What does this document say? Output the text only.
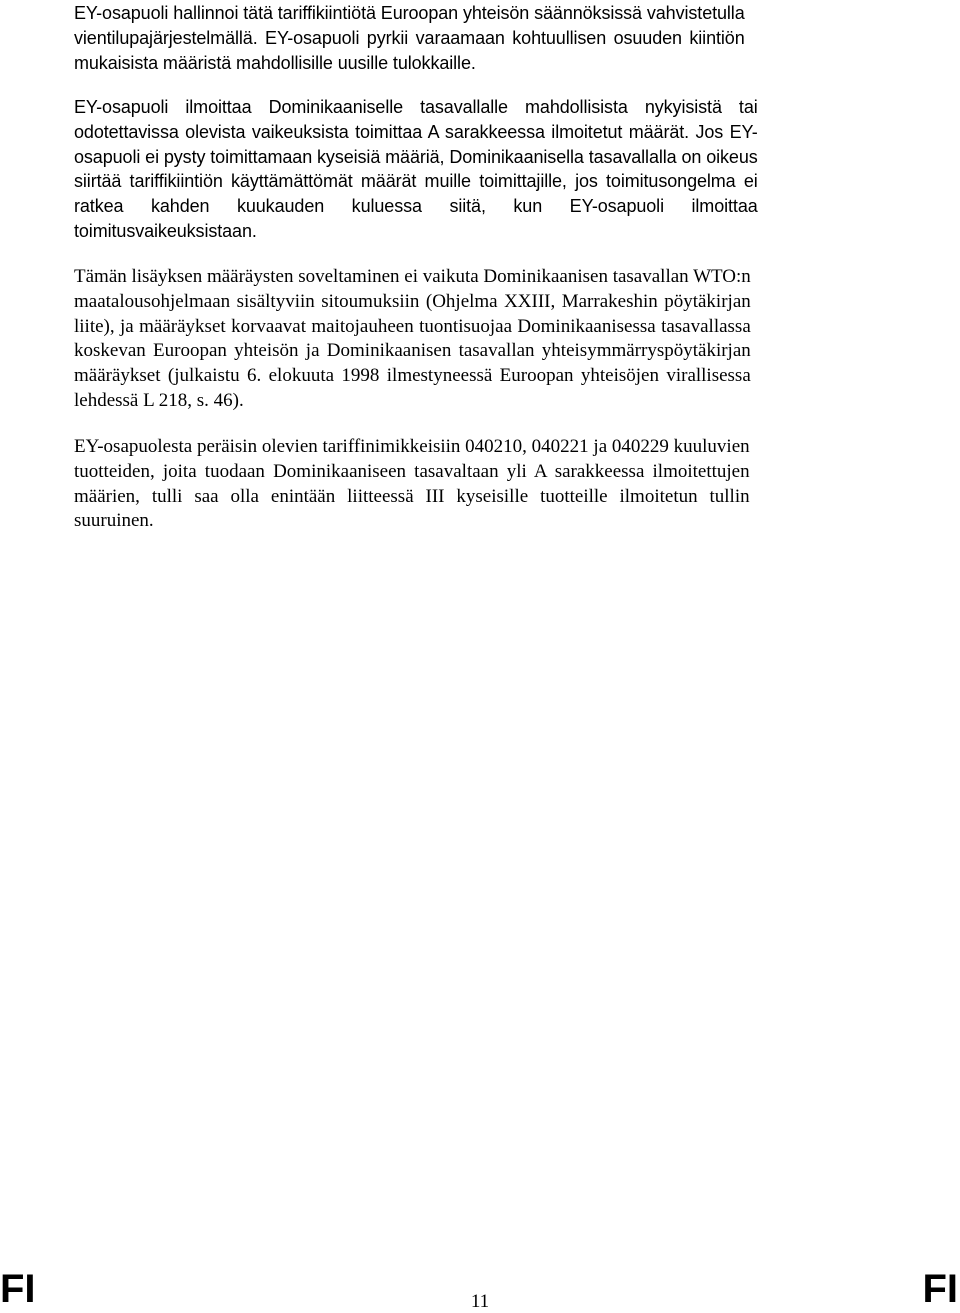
EY-osapuoli hallinnoi tätä tariffikiintiötä Euroopan yhteisön säännöksissä vahvistetulla
vientilupajärjestelmällä. EY-osapuoli pyrkii varaamaan kohtuullisen osuuden kiintiön
mukaisista määristä mahdollisille uusille tulokkaille.

EY-osapuoli ilmoittaa Dominikaaniselle tasavallalle mahdollisista nykyisistä tai
odotettavissa olevista vaikeuksista toimittaa A sarakkeessa ilmoitetut määrät. Jos EY-
osapuoli ei pysty toimittamaan kyseisiä määriä, Dominikaanisella tasavallalla on oikeus
siirtää tariffikiintiön käyttämättömät määrät muille toimittajille, jos toimitusongelma ei
ratkea kahden kuukauden kuluessa siitä, kun EY-osapuoli ilmoittaa
toimitusvaikeuksistaan.

Tämän lisäyksen määräysten soveltaminen ei vaikuta Dominikaanisen tasavallan WTO:n
maatalousohjelmaan sisältyviin sitoumuksiin (Ohjelma XXIII, Marrakeshin pöytäkirjan
liite), ja määräykset korvaavat maitojauheen tuontisuojaa Dominikaanisessa tasavallassa
koskevan Euroopan yhteisön ja Dominikaanisen tasavallan yhteisymmärryspöytäkirjan
määräykset (julkaistu 6. elokuuta 1998 ilmestyneessä Euroopan yhteisöjen virallisessa
lehdessä L 218, s. 46).

EY-osapuolesta peräisin olevien tariffinimikkeisiin 040210, 040221 ja 040229 kuuluvien
tuotteiden, joita tuodaan Dominikaaniseen tasavaltaan yli A sarakkeessa ilmoitettujen
määrien, tulli saa olla enintään liitteessä III kyseisille tuotteille ilmoitetun tullin
suuruinen.

FI	11	FI
